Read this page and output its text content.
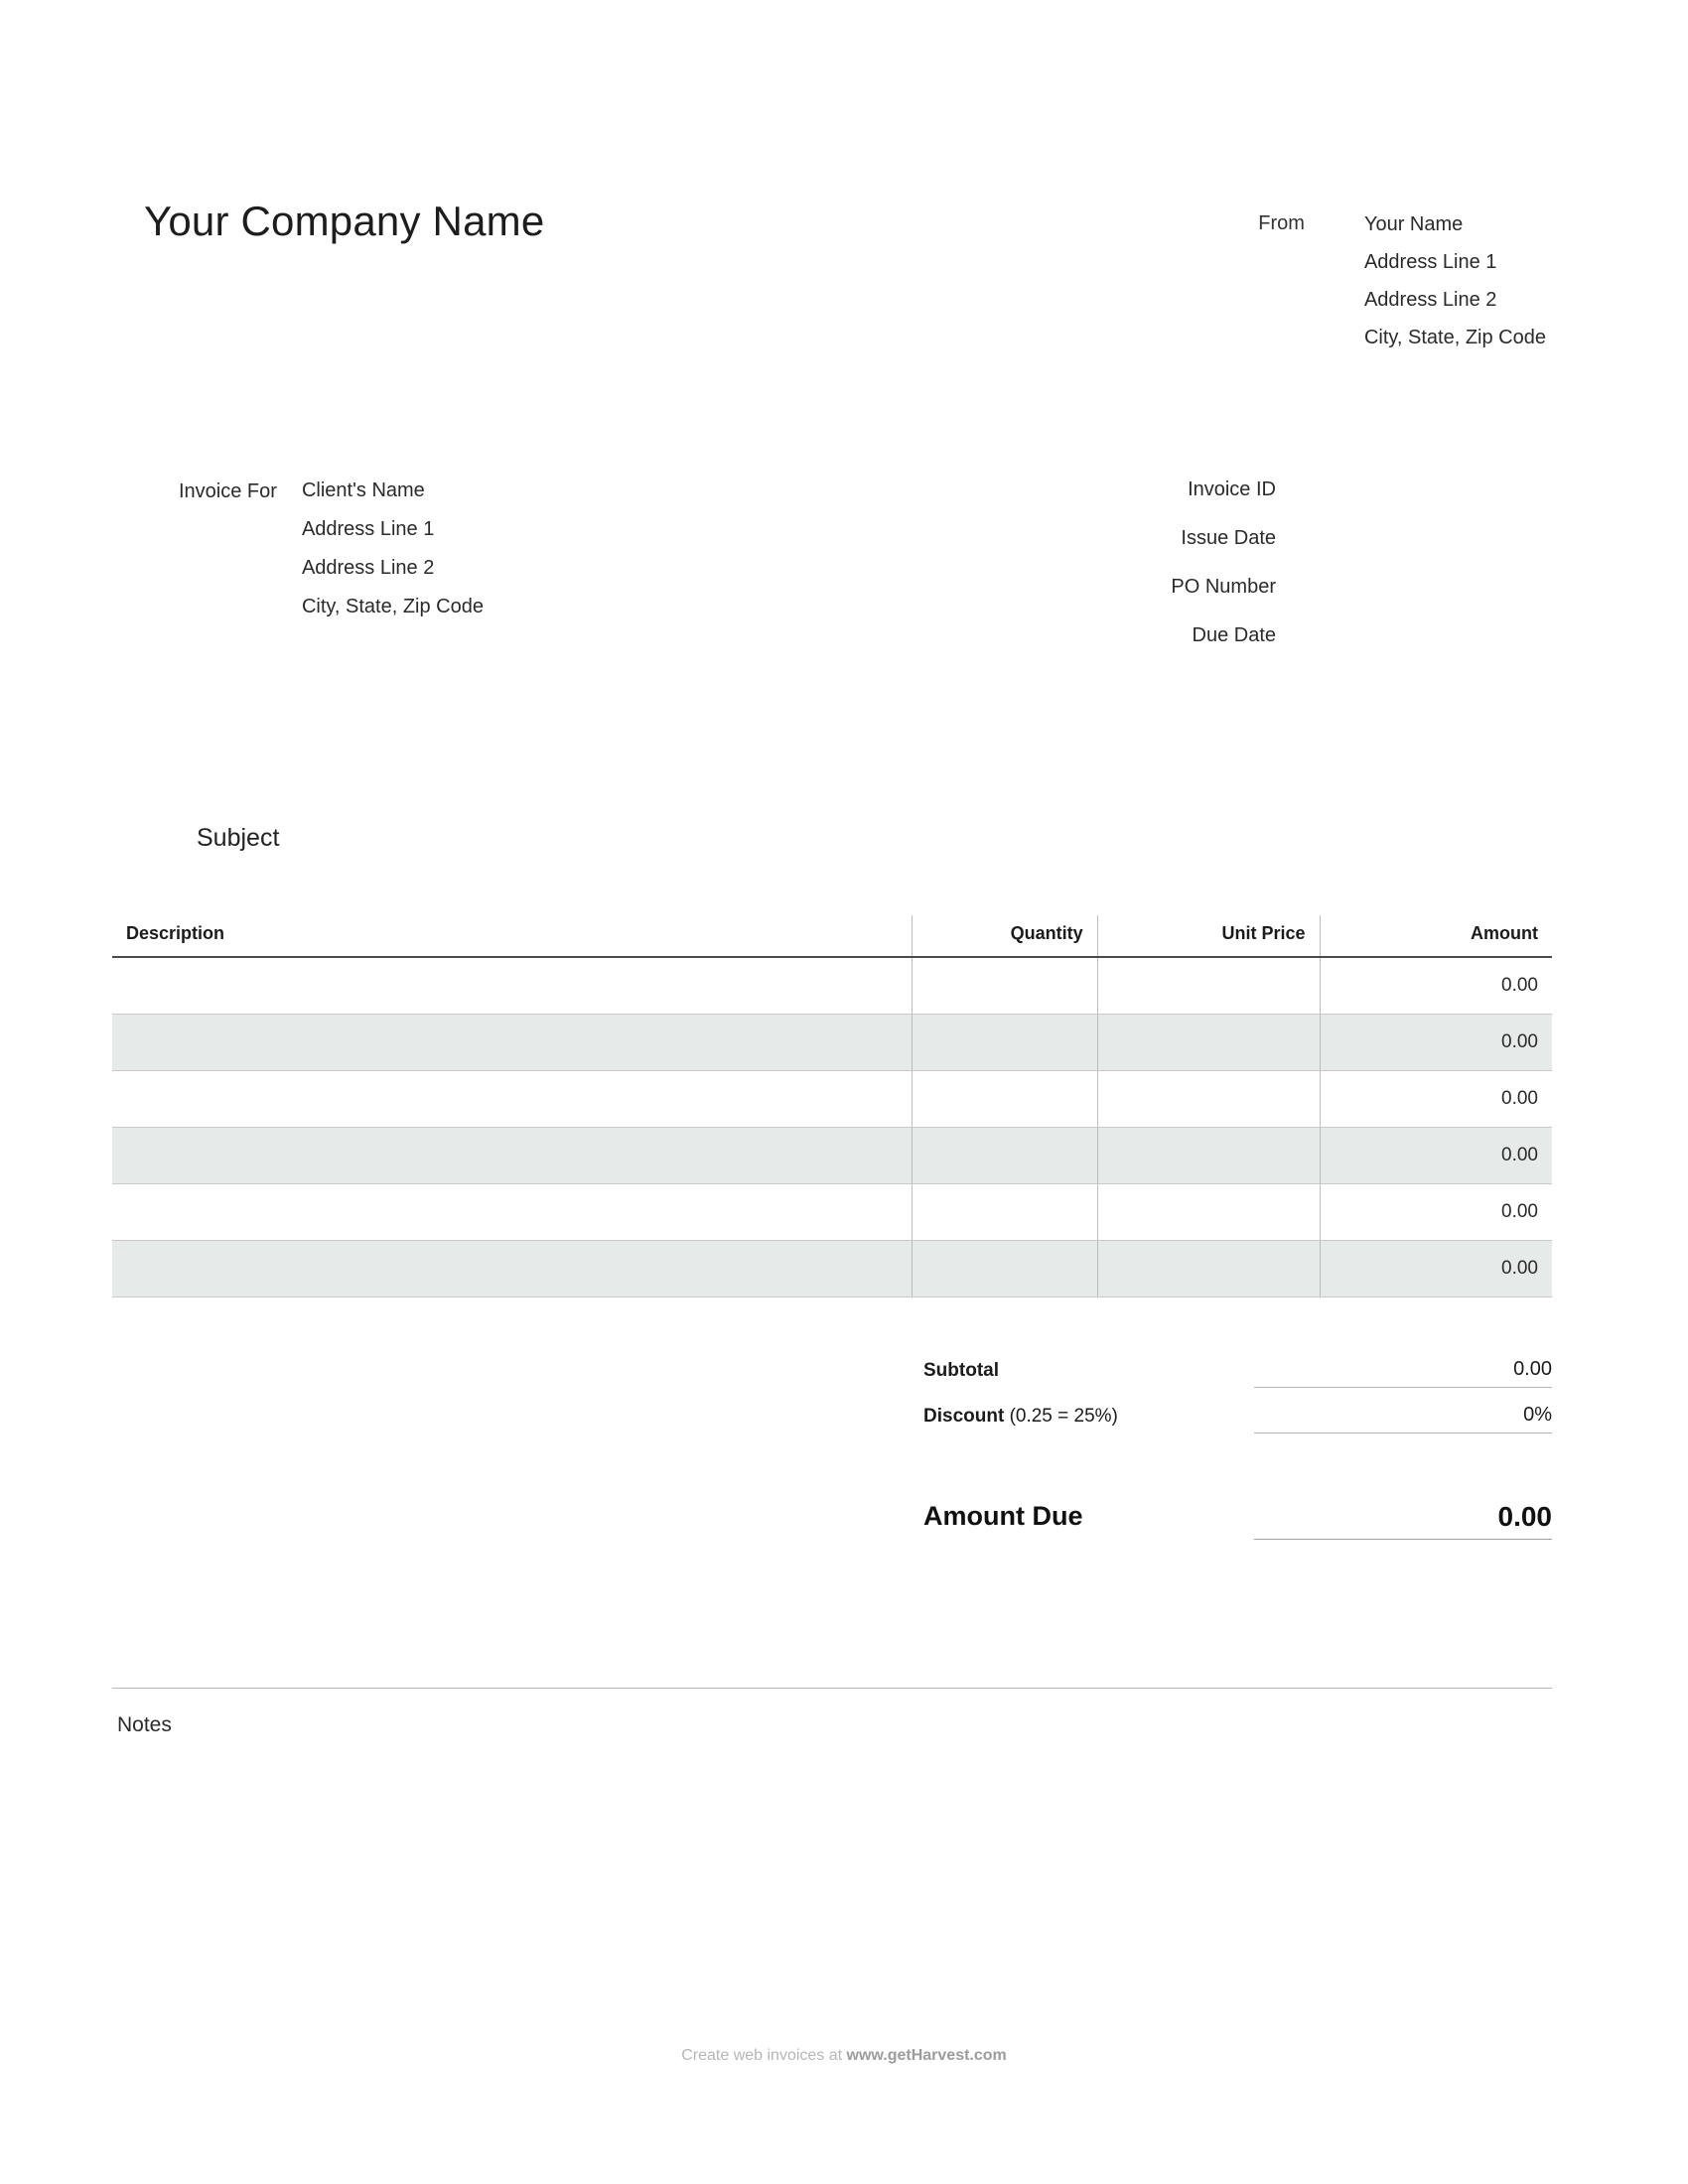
Your Company Name	From	Your Name
Address Line 1
Address Line 2
City, State, Zip Code
Invoice For Client's Name
Address Line 1
Address Line 2
City, State, Zip Code
Invoice ID
Issue Date
PO Number
Due Date
Subject
Description	Quantity	Unit Price	Amount
			0.00
			0.00
			0.00
			0.00
			0.00
			0.00
Subtotal	0.00
Discount (0.25 = 25%)	0%
Amount Due	0.00
Notes
Create web invoices at www.getHarvest.com
